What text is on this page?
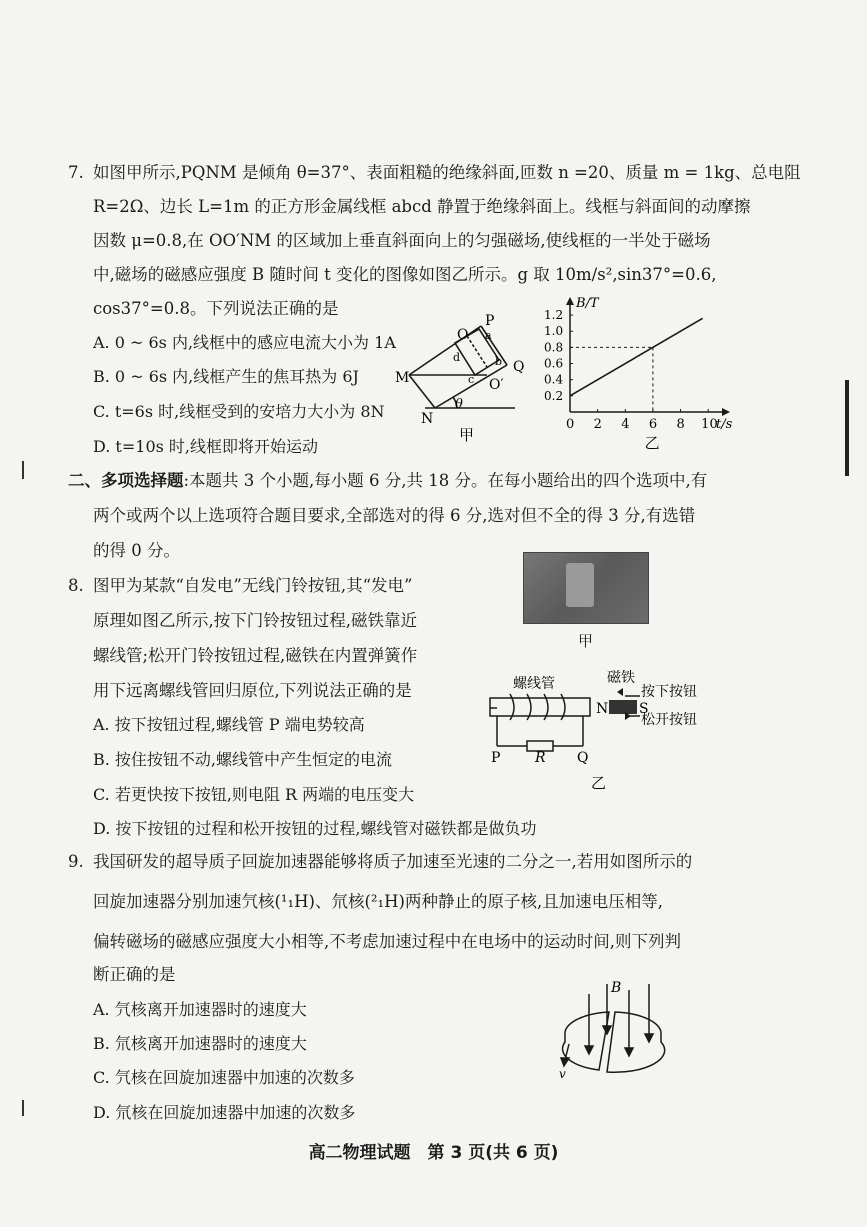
7. 如图甲所示,PQNM 是倾角 θ=37°、表面粗糙的绝缘斜面,匝数 n =20、质量 m = 1kg、总电阻
R=2Ω、边长 L=1m 的正方形金属线框 abcd 静置于绝缘斜面上。线框与斜面间的动摩擦
因数 μ=0.8,在 OO′NM 的区域加上垂直斜面向上的匀强磁场,使线框的一半处于磁场
中,磁场的磁感应强度 B 随时间 t 变化的图像如图乙所示。g 取 10m/s²,sin37°=0.6,
cos37°=0.8。下列说法正确的是
A. 0 ~ 6s 内,线框中的感应电流大小为 1A
B. 0 ~ 6s 内,线框产生的焦耳热为 6J
C. t=6s 时,线框受到的安培力大小为 8N
D. t=10s 时,线框即将开始运动
O
P
M
Q
N
O′
a
b
c
d
θ
甲
B/T
t/s
0 2 4 6 8 10
0.2
0.4
0.6
0.8
1.0
1.2
乙
二、多项选择题:本题共 3 个小题,每小题 6 分,共 18 分。在每小题给出的四个选项中,有
两个或两个以上选项符合题目要求,全部选对的得 6 分,选对但不全的得 3 分,有选错
的得 0 分。
8. 图甲为某款“自发电”无线门铃按钮,其“发电”
原理如图乙所示,按下门铃按钮过程,磁铁靠近
螺线管;松开门铃按钮过程,磁铁在内置弹簧作
用下远离螺线管回归原位,下列说法正确的是
A. 按下按钮过程,螺线管 P 端电势较高
B. 按住按钮不动,螺线管中产生恒定的电流
C. 若更快按下按钮,则电阻 R 两端的电压变大
D. 按下按钮的过程和松开按钮的过程,螺线管对磁铁都是做负功
甲
螺线管	磁铁
按下按钮
松开按钮
N S
P	Q
R
乙
9. 我国研发的超导质子回旋加速器能够将质子加速至光速的二分之一,若用如图所示的
回旋加速器分别加速氕核(¹₁H)、氘核(²₁H)两种静止的原子核,且加速电压相等,
偏转磁场的磁感应强度大小相等,不考虑加速过程中在电场中的运动时间,则下列判
断正确的是
A. 氕核离开加速器时的速度大
B. 氘核离开加速器时的速度大
C. 氕核在回旋加速器中加速的次数多
D. 氘核在回旋加速器中加速的次数多
B
v
高二物理试题　第 3 页(共 6 页)
